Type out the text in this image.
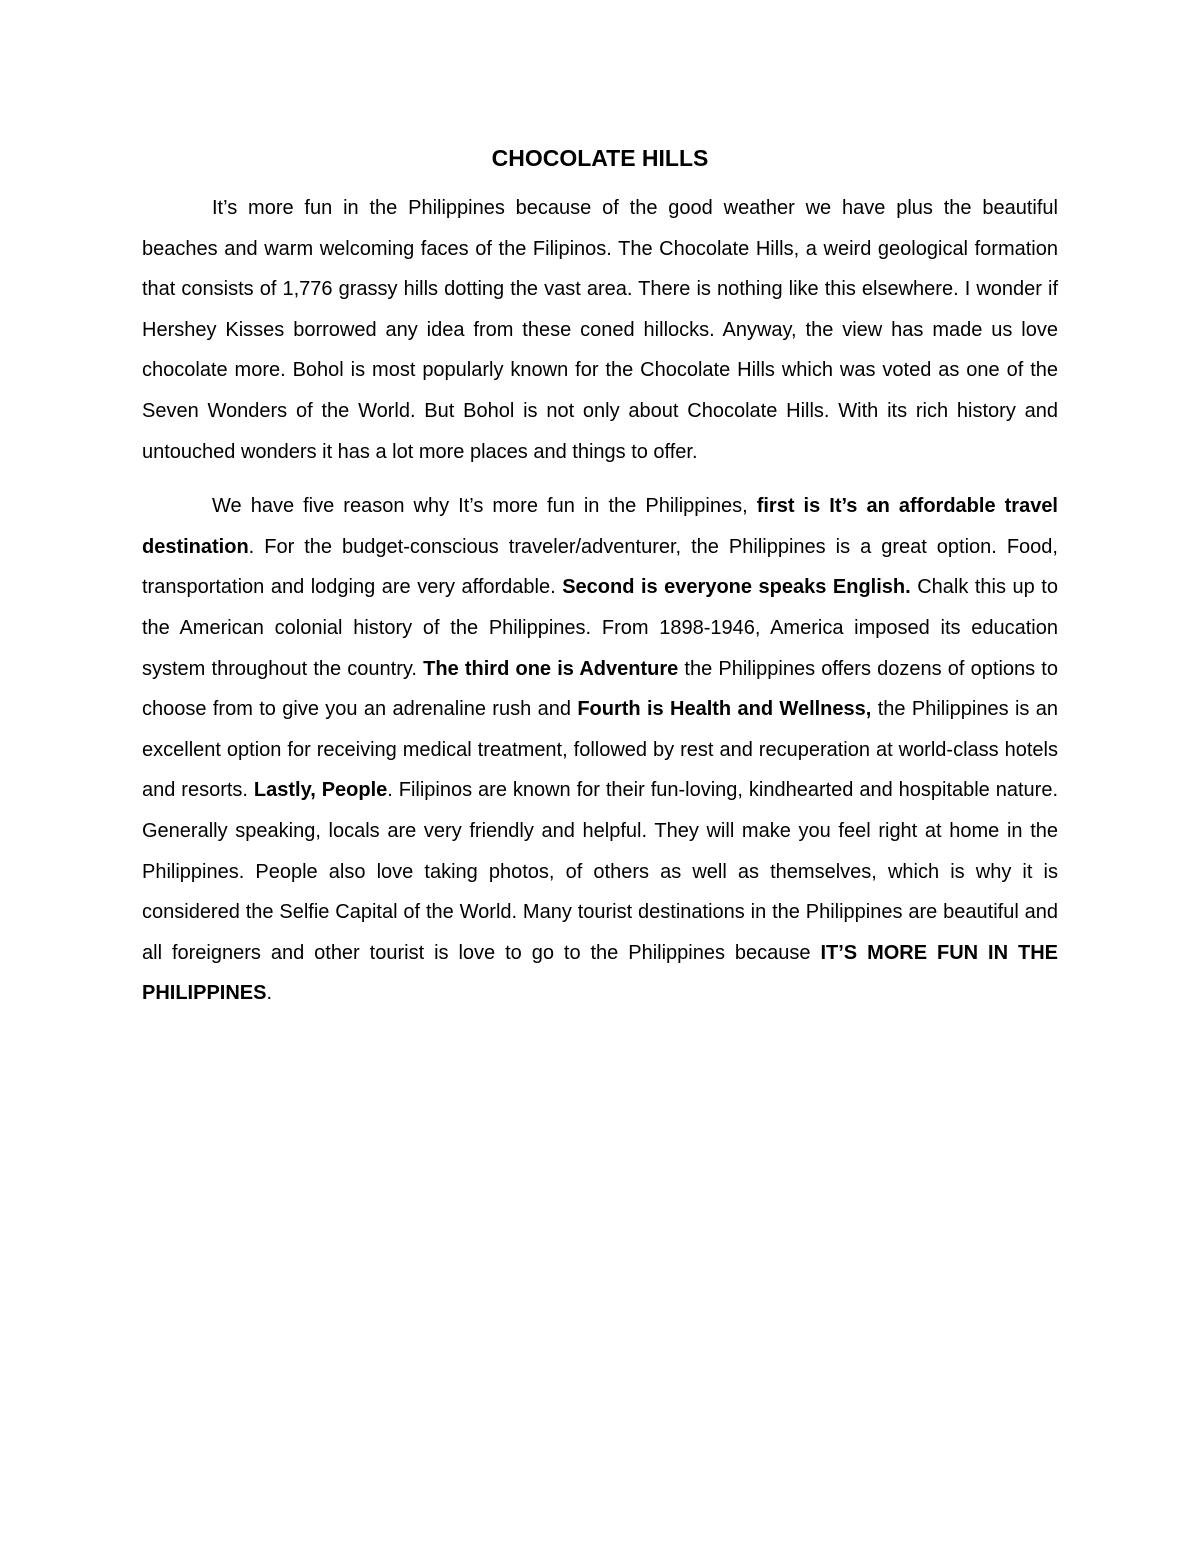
CHOCOLATE HILLS

It’s more fun in the Philippines because of the good weather we have plus the beautiful beaches and warm welcoming faces of the Filipinos. The Chocolate Hills, a weird geological formation that consists of 1,776 grassy hills dotting the vast area. There is nothing like this elsewhere. I wonder if Hershey Kisses borrowed any idea from these coned hillocks. Anyway, the view has made us love chocolate more. Bohol is most popularly known for the Chocolate Hills which was voted as one of the Seven Wonders of the World. But Bohol is not only about Chocolate Hills. With its rich history and untouched wonders it has a lot more places and things to offer.

We have five reason why It’s more fun in the Philippines, first is It’s an affordable travel destination. For the budget-conscious traveler/adventurer, the Philippines is a great option. Food, transportation and lodging are very affordable. Second is everyone speaks English. Chalk this up to the American colonial history of the Philippines. From 1898-1946, America imposed its education system throughout the country. The third one is Adventure the Philippines offers dozens of options to choose from to give you an adrenaline rush and Fourth is Health and Wellness, the Philippines is an excellent option for receiving medical treatment, followed by rest and recuperation at world-class hotels and resorts. Lastly, People. Filipinos are known for their fun-loving, kindhearted and hospitable nature. Generally speaking, locals are very friendly and helpful. They will make you feel right at home in the Philippines. People also love taking photos, of others as well as themselves, which is why it is considered the Selfie Capital of the World. Many tourist destinations in the Philippines are beautiful and all foreigners and other tourist is love to go to the Philippines because IT’S MORE FUN IN THE PHILIPPINES.
